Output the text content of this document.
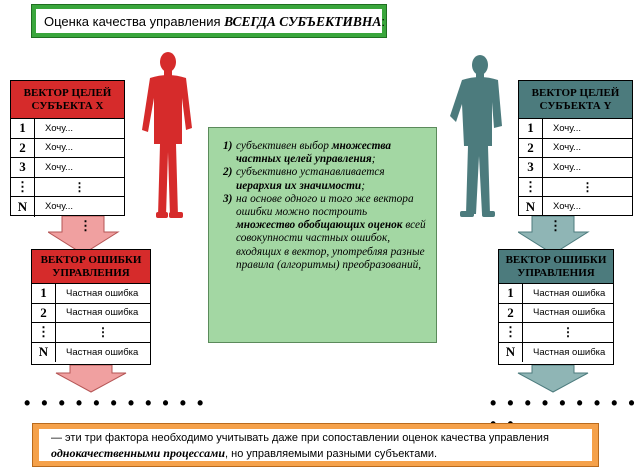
Оценка качества управления ВСЕГДА СУБЪЕКТИВНА:
ВЕКТОР ЦЕЛЕЙ СУБЪЕКТА Х
1	Хочу...
2	Хочу...
3	Хочу...
⋮	⋮
N	Хочу...
⋮
ВЕКТОР ОШИБКИ УПРАВЛЕНИЯ
1	Частная ошибка
2	Частная ошибка
⋮	⋮
N	Частная ошибка
ВЕКТОР ЦЕЛЕЙ СУБЪЕКТА Y
1	Хочу...
2	Хочу...
3	Хочу...
⋮	⋮
N	Хочу...
⋮
ВЕКТОР ОШИБКИ УПРАВЛЕНИЯ
1	Частная ошибка
2	Частная ошибка
⋮	⋮
N	Частная ошибка
1) субъективен выбор множества частных целей управления;
2) субъективно устанавливается иерархия их значимости;
3) на основе одного и того же вектора ошибки можно построить множество обобщающих оценок всей совокупности частных ошибок, входящих в вектор, употребляя разные правила (алгоритмы) преобразований,
• • • • • • • • • • •	• • • • • • • • •
— эти три фактора необходимо учитывать даже при сопоставлении оценок качества управления однокачественными процессами, но управляемыми разными субъектами.
